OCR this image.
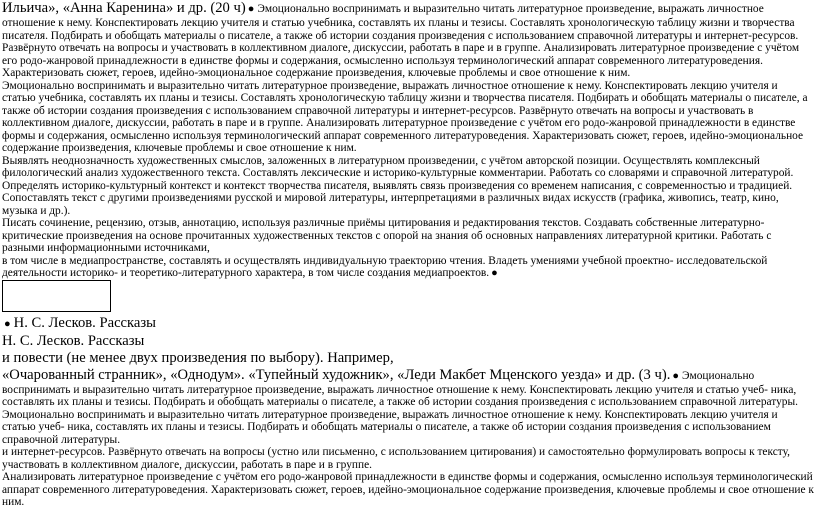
Ильича», «Анна Каренина» и др. (20 ч) ● Эмоционально воспринимать и выразительно читать литературное произведение, выражать личностное отношение к нему. Конспектировать лекцию учителя и статью учебника, составлять их планы и тезисы. Составлять хронологическую таблицу жизни и творчества писателя. Подбирать и обобщать материалы о писателе, а также об истории создания произведения с использованием справочной литературы и интернет-ресурсов. Развёрнуто отвечать на вопросы и участвовать в коллективном диалоге, дискуссии, работать в паре и в группе. Анализировать литературное произведение с учётом его родо-жанровой принадлежности в единстве формы и содержания, осмысленно используя терминологический аппарат современного литературоведения. Характеризовать сюжет, героев, идейно-эмоциональное содержание произведения, ключевые проблемы и свое отношение к ним.

Эмоционально воспринимать и выразительно читать литературное произведение, выражать личностное отношение к нему. Конспектировать лекцию учителя и статью учебника, составлять их планы и тезисы. Составлять хронологическую таблицу жизни и творчества писателя. Подбирать и обобщать материалы о писателе, а также об истории создания произведения с использованием справочной литературы и интернет-ресурсов. Развёрнуто отвечать на вопросы и участвовать в коллективном диалоге, дискуссии, работать в паре и в группе. Анализировать литературное произведение с учётом его родо-жанровой принадлежности в единстве формы и содержания, осмысленно используя терминологический аппарат современного литературоведения. Характеризовать сюжет, героев, идейно-эмоциональное содержание произведения, ключевые проблемы и свое отношение к ним.

Выявлять неоднозначность художественных смыслов, заложенных в литературном произведении, с учётом авторской позиции. Осуществлять комплексный филологический анализ художественного текста. Составлять лексические и историко-культурные комментарии. Работать со словарями и справочной литературой. Определять историко-культурный контекст и контекст творчества писателя, выявлять связь произведения со временем написания, с современностью и традицией. Сопоставлять текст с другими произведениями русской и мировой литературы, интерпретациями в различных видах искусств (графика, живопись, театр, кино, музыка и др.).

Писать сочинение, рецензию, отзыв, аннотацию, используя различные приёмы цитирования и редактирования текстов. Создавать собственные литературно-критические произведения на основе прочитанных художественных текстов с опорой на знания об основных направлениях литературной критики. Работать с разными информационными источниками,

в том числе в медиапространстве, составлять и осуществлять индивидуальную траекторию чтения. Владеть умениями учебной проектно- исследовательской деятельности историко- и теоретико-литературного характера, в том числе создания медиапроектов. ●

● Н. С. Лесков. Рассказы

Н. С. Лесков. Рассказы

и повести (не менее двух произведения по выбору). Например,

«Очарованный странник», «Однодум». «Тупейный художник», «Леди Макбет Мценского уезда» и др. (3 ч). ● Эмоционально воспринимать и выразительно читать литературное произведение, выражать личностное отношение к нему. Конспектировать лекцию учителя и статью учеб- ника, составлять их планы и тезисы. Подбирать и обобщать материалы о писателе, а также об истории создания произведения с использованием справочной литературы.

Эмоционально воспринимать и выразительно читать литературное произведение, выражать личностное отношение к нему. Конспектировать лекцию учителя и статью учеб- ника, составлять их планы и тезисы. Подбирать и обобщать материалы о писателе, а также об истории создания произведения с использованием справочной литературы.

и интернет-ресурсов. Развёрнуто отвечать на вопросы (устно или письменно, с использованием цитирования) и самостоятельно формулировать вопросы к тексту, участвовать в коллективном диалоге, дискуссии, работать в паре и в группе.

Анализировать литературное произведение с учётом его родо-жанровой принадлежности в единстве формы и содержания, осмысленно используя терминологический аппарат современного литературоведения. Характеризовать сюжет, героев, идейно-эмоциональное содержание произведения, ключевые проблемы и свое отношение к ним.
